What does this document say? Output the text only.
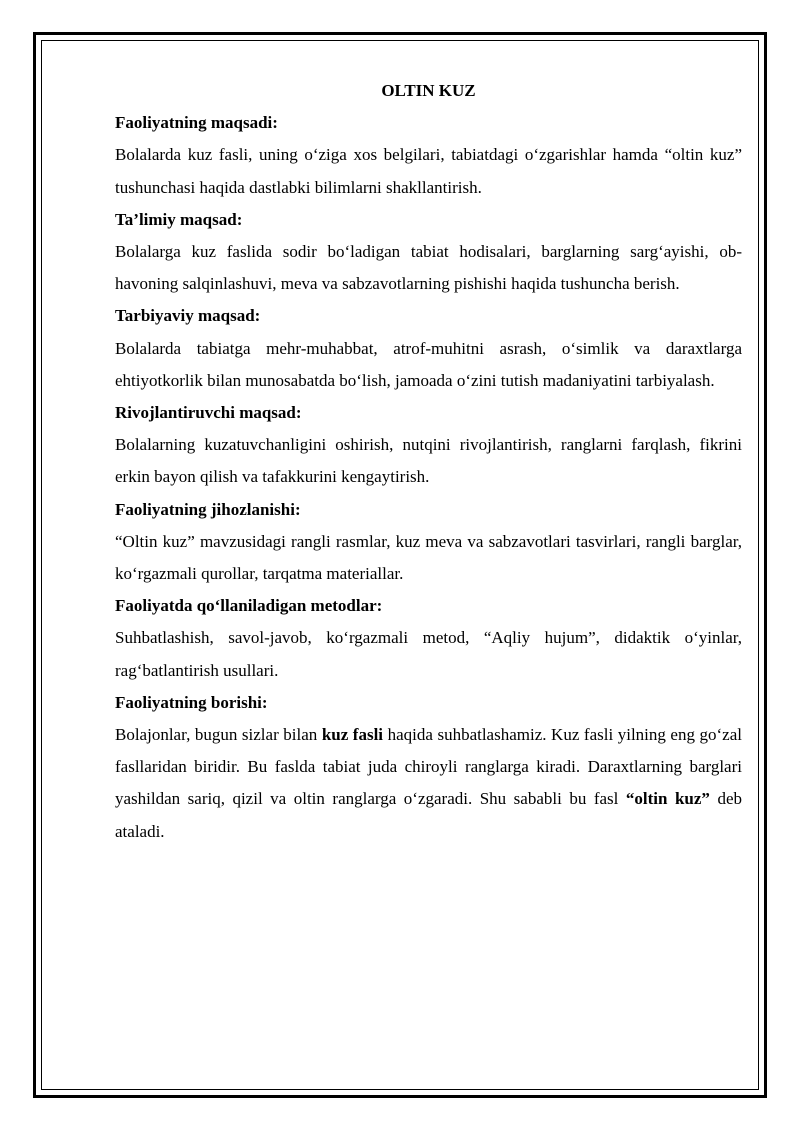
OLTIN KUZ

Faoliyatning maqsadi:

Bolalarda kuz fasli, uning o‘ziga xos belgilari, tabiatdagi o‘zgarishlar hamda “oltin kuz” tushunchasi haqida dastlabki bilimlarni shakllantirish.

Ta’limiy maqsad:

Bolalarga kuz faslida sodir bo‘ladigan tabiat hodisalari, barglarning sarg‘ayishi, ob-havoning salqinlashuvi, meva va sabzavotlarning pishishi haqida tushuncha berish.

Tarbiyaviy maqsad:

Bolalarda tabiatga mehr-muhabbat, atrof-muhitni asrash, o‘simlik va daraxtlarga ehtiyotkorlik bilan munosabatda bo‘lish, jamoada o‘zini tutish madaniyatini tarbiyalash.

Rivojlantiruvchi maqsad:

Bolalarning kuzatuvchanligini oshirish, nutqini rivojlantirish, ranglarni farqlash, fikrini erkin bayon qilish va tafakkurini kengaytirish.

Faoliyatning jihozlanishi:

“Oltin kuz” mavzusidagi rangli rasmlar, kuz meva va sabzavotlari tasvirlari, rangli barglar, ko‘rgazmali qurollar, tarqatma materiallar.

Faoliyatda qo‘llaniladigan metodlar:

Suhbatlashish, savol-javob, ko‘rgazmali metod, “Aqliy hujum”, didaktik o‘yinlar, rag‘batlantirish usullari.

Faoliyatning borishi:

Bolajonlar, bugun sizlar bilan kuz fasli haqida suhbatlashamiz. Kuz fasli yilning eng go‘zal fasllaridan biridir. Bu faslda tabiat juda chiroyli ranglarga kiradi. Daraxtlarning barglari yashildan sariq, qizil va oltin ranglarga o‘zgaradi. Shu sababli bu fasl “oltin kuz” deb ataladi.
